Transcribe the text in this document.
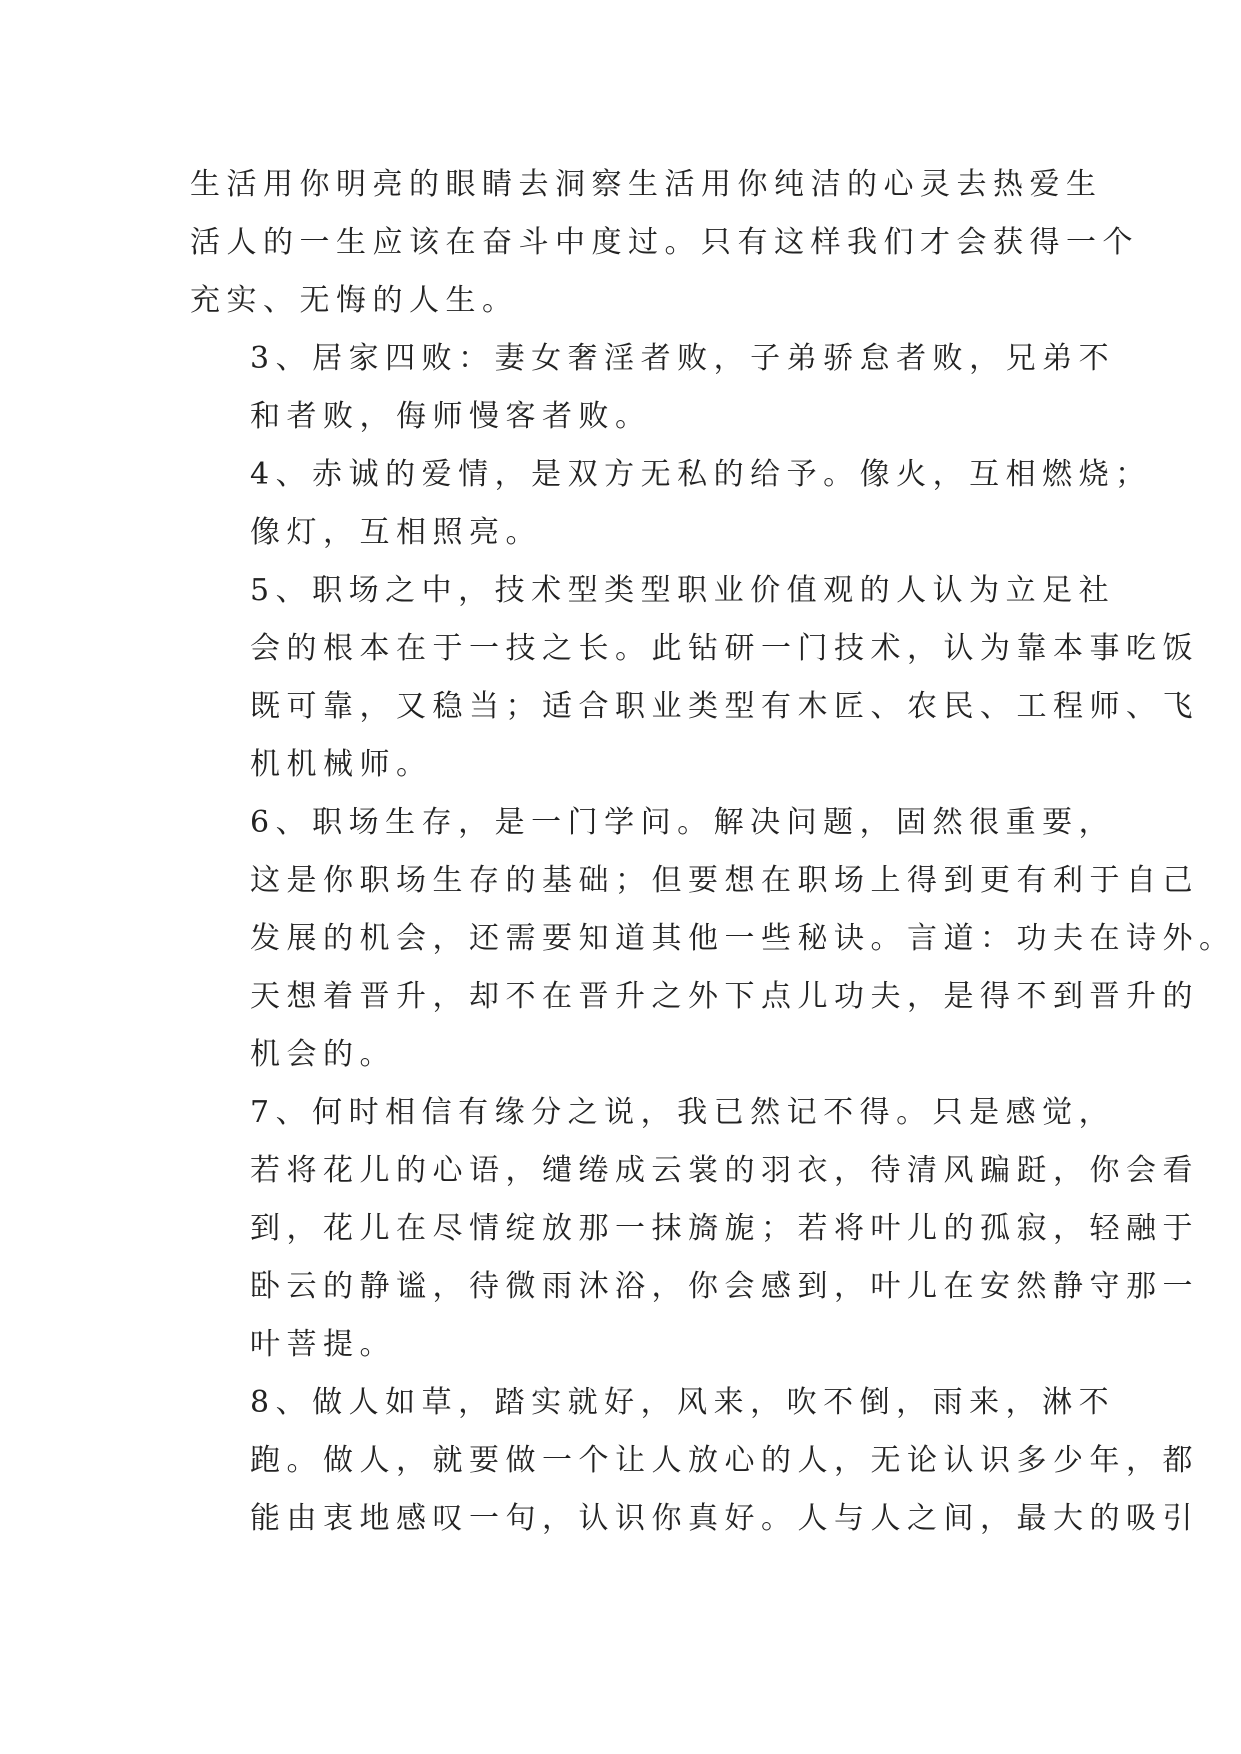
生活用你明亮的眼睛去洞察生活用你纯洁的心灵去热爱生
活人的一生应该在奋斗中度过。只有这样我们才会获得一个
充实、无悔的人生。

3、居家四败：妻女奢淫者败，子弟骄怠者败，兄弟不
和者败，侮师慢客者败。

4、赤诚的爱情，是双方无私的给予。像火，互相燃烧；
像灯，互相照亮。

5、职场之中，技术型类型职业价值观的人认为立足社
会的根本在于一技之长。此钻研一门技术，认为靠本事吃饭
既可靠，又稳当；适合职业类型有木匠、农民、工程师、飞
机机械师。

6、职场生存，是一门学问。解决问题，固然很重要，
这是你职场生存的基础；但要想在职场上得到更有利于自己
发展的机会，还需要知道其他一些秘诀。言道：功夫在诗外。
天想着晋升，却不在晋升之外下点儿功夫，是得不到晋升的
机会的。

7、何时相信有缘分之说，我已然记不得。只是感觉，
若将花儿的心语，缱绻成云裳的羽衣，待清风蹁跹，你会看
到，花儿在尽情绽放那一抹旖旎；若将叶儿的孤寂，轻融于
卧云的静谧，待微雨沐浴，你会感到，叶儿在安然静守那一
叶菩提。

8、做人如草，踏实就好，风来，吹不倒，雨来，淋不
跑。做人，就要做一个让人放心的人，无论认识多少年，都
能由衷地感叹一句，认识你真好。人与人之间，最大的吸引
